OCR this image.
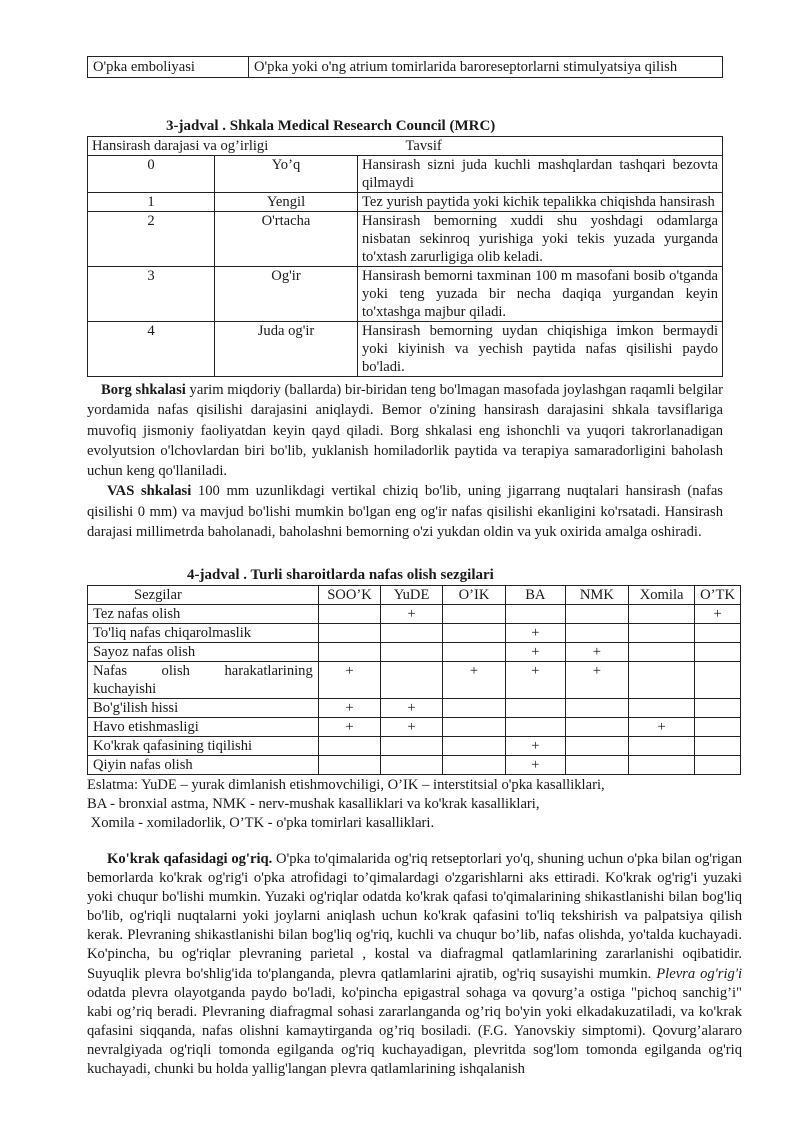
O'pka emboliyasi	O'pka yoki o'ng atrium tomirlarida baroreseptorlarni stimulyatsiya qilish
3-jadval . Shkala Medical Research Council (MRC)
Hansirash darajasi va og’irligi		Tavsif
0	Yo’q	Hansirash sizni juda kuchli mashqlardan tashqari bezovta qilmaydi
1	Yengil	Tez yurish paytida yoki kichik tepalikka chiqishda hansirash
2	O'rtacha	Hansirash bemorning xuddi shu yoshdagi odamlarga nisbatan sekinroq yurishiga yoki tekis yuzada yurganda to'xtash zarurligiga olib keladi.
3	Og'ir	Hansirash bemorni taxminan 100 m masofani bosib o'tganda yoki teng yuzada bir necha daqiqa yurgandan keyin to'xtashga majbur qiladi.
4	Juda og'ir	Hansirash bemorning uydan chiqishiga imkon bermaydi yoki kiyinish va yechish paytida nafas qisilishi paydo bo'ladi.

Borg shkalasi yarim miqdoriy (ballarda) bir-biridan teng bo'lmagan masofada joylashgan raqamli belgilar yordamida nafas qisilishi darajasini aniqlaydi. Bemor o'zining hansirash darajasini shkala tavsiflariga muvofiq jismoniy faoliyatdan keyin qayd qiladi. Borg shkalasi eng ishonchli va yuqori takrorlanadigan evolyutsion o'lchovlardan biri bo'lib, yuklanish homiladorlik paytida va terapiya samaradorligini baholash uchun keng qo'llaniladi.

VAS shkalasi 100 mm uzunlikdagi vertikal chiziq bo'lib, uning jigarrang nuqtalari hansirash (nafas qisilishi 0 mm) va mavjud bo'lishi mumkin bo'lgan eng og'ir nafas qisilishi ekanligini ko'rsatadi. Hansirash darajasi millimetrda baholanadi, baholashni bemorning o'zi yukdan oldin va yuk oxirida amalga oshiradi.

4-jadval . Turli sharoitlarda nafas olish sezgilari
Sezgilar	SOO’K	YuDE	O’IK	BA	NMK	Xomila	O’TK
Tez nafas olish		+					+
To'liq nafas chiqarolmaslik				+			
Sayoz nafas olish				+	+		
Nafas olish harakatlarining kuchayishi	+		+	+	+		
Bo'g'ilish hissi	+	+					
Havo etishmasligi	+	+				+	
Ko'krak qafasining tiqilishi				+			
Qiyin nafas olish				+			
Eslatma: YuDE – yurak dimlanish etishmovchiligi, O’IK – interstitsial o'pka kasalliklari,
BA - bronxial astma, NMK - nerv-mushak kasalliklari va ko'krak kasalliklari,
Xomila - xomiladorlik, O’TK - o'pka tomirlari kasalliklari.

Ko'krak qafasidagi og'riq. O'pka to'qimalarida og'riq retseptorlari yo'q, shuning uchun o'pka bilan og'rigan bemorlarda ko'krak og'rig'i o'pka atrofidagi to’qimalardagi o'zgarishlarni aks ettiradi. Ko'krak og'rig'i yuzaki yoki chuqur bo'lishi mumkin. Yuzaki og'riqlar odatda ko'krak qafasi to'qimalarining shikastlanishi bilan bog'liq bo'lib, og'riqli nuqtalarni yoki joylarni aniqlash uchun ko'krak qafasini to'liq tekshirish va palpatsiya qilish kerak. Plevraning shikastlanishi bilan bog'liq og'riq, kuchli va chuqur bo’lib, nafas olishda, yo'talda kuchayadi. Ko'pincha, bu og'riqlar plevraning parietal , kostal va diafragmal qatlamlarining zararlanishi oqibatidir. Suyuqlik plevra bo'shlig'ida to'planganda, plevra qatlamlarini ajratib, og'riq susayishi mumkin. Plevra og'rig'i odatda plevra olayotganda paydo bo'ladi, ko'pincha epigastral sohaga va qovurg’a ostiga "pichoq sanchig’i" kabi og’riq beradi. Plevraning diafragmal sohasi zararlanganda og’riq bo'yin yoki elkadakuzatiladi, va ko'krak qafasini siqqanda, nafas olishni kamaytirganda og’riq bosiladi. (F.G. Yanovskiy simptomi). Qovurg’alararo nevralgiyada og'riqli tomonda egilganda og'riq kuchayadigan, plevritda sog'lom tomonda egilganda og'riq kuchayadi, chunki bu holda yallig'langan plevra qatlamlarining ishqalanish
